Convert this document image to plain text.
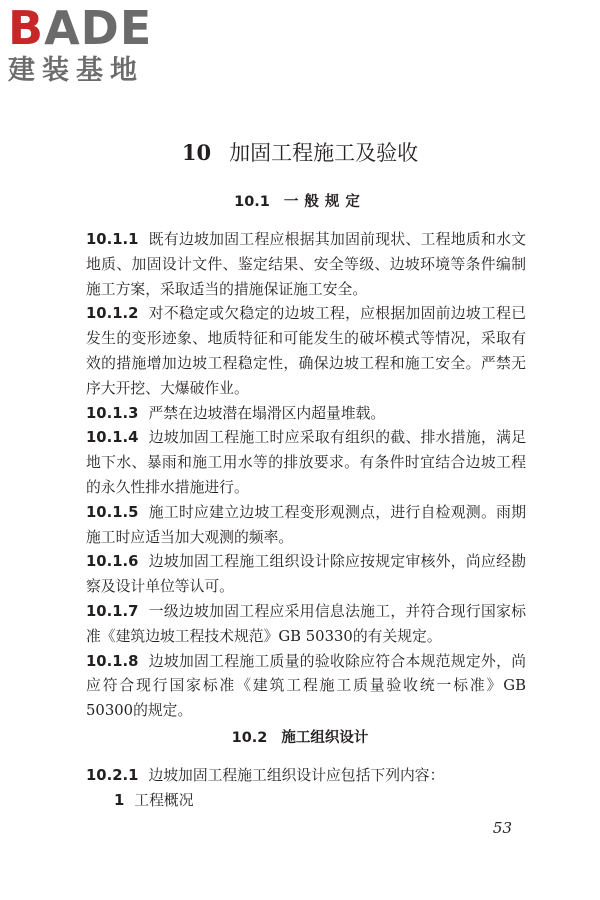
BADE
建装基地
10 加固工程施工及验收
10.1 一般规定

10.1.1 既有边坡加固工程应根据其加固前现状、工程地质和水文地质、加固设计文件、鉴定结果、安全等级、边坡环境等条件编制施工方案，采取适当的措施保证施工安全。

10.1.2 对不稳定或欠稳定的边坡工程，应根据加固前边坡工程已发生的变形迹象、地质特征和可能发生的破坏模式等情况，采取有效的措施增加边坡工程稳定性，确保边坡工程和施工安全。严禁无序大开挖、大爆破作业。

10.1.3 严禁在边坡潜在塌滑区内超量堆载。

10.1.4 边坡加固工程施工时应采取有组织的截、排水措施，满足地下水、暴雨和施工用水等的排放要求。有条件时宜结合边坡工程的永久性排水措施进行。

10.1.5 施工时应建立边坡工程变形观测点，进行自检观测。雨期施工时应适当加大观测的频率。

10.1.6 边坡加固工程施工组织设计除应按规定审核外，尚应经勘察及设计单位等认可。

10.1.7 一级边坡加固工程应采用信息法施工，并符合现行国家标准《建筑边坡工程技术规范》GB 50330的有关规定。

10.1.8 边坡加固工程施工质量的验收除应符合本规范规定外，尚应符合现行国家标准《建筑工程施工质量验收统一标准》GB 50300的规定。

10.2 施工组织设计

10.2.1 边坡加固工程施工组织设计应包括下列内容：

1 工程概况

53
